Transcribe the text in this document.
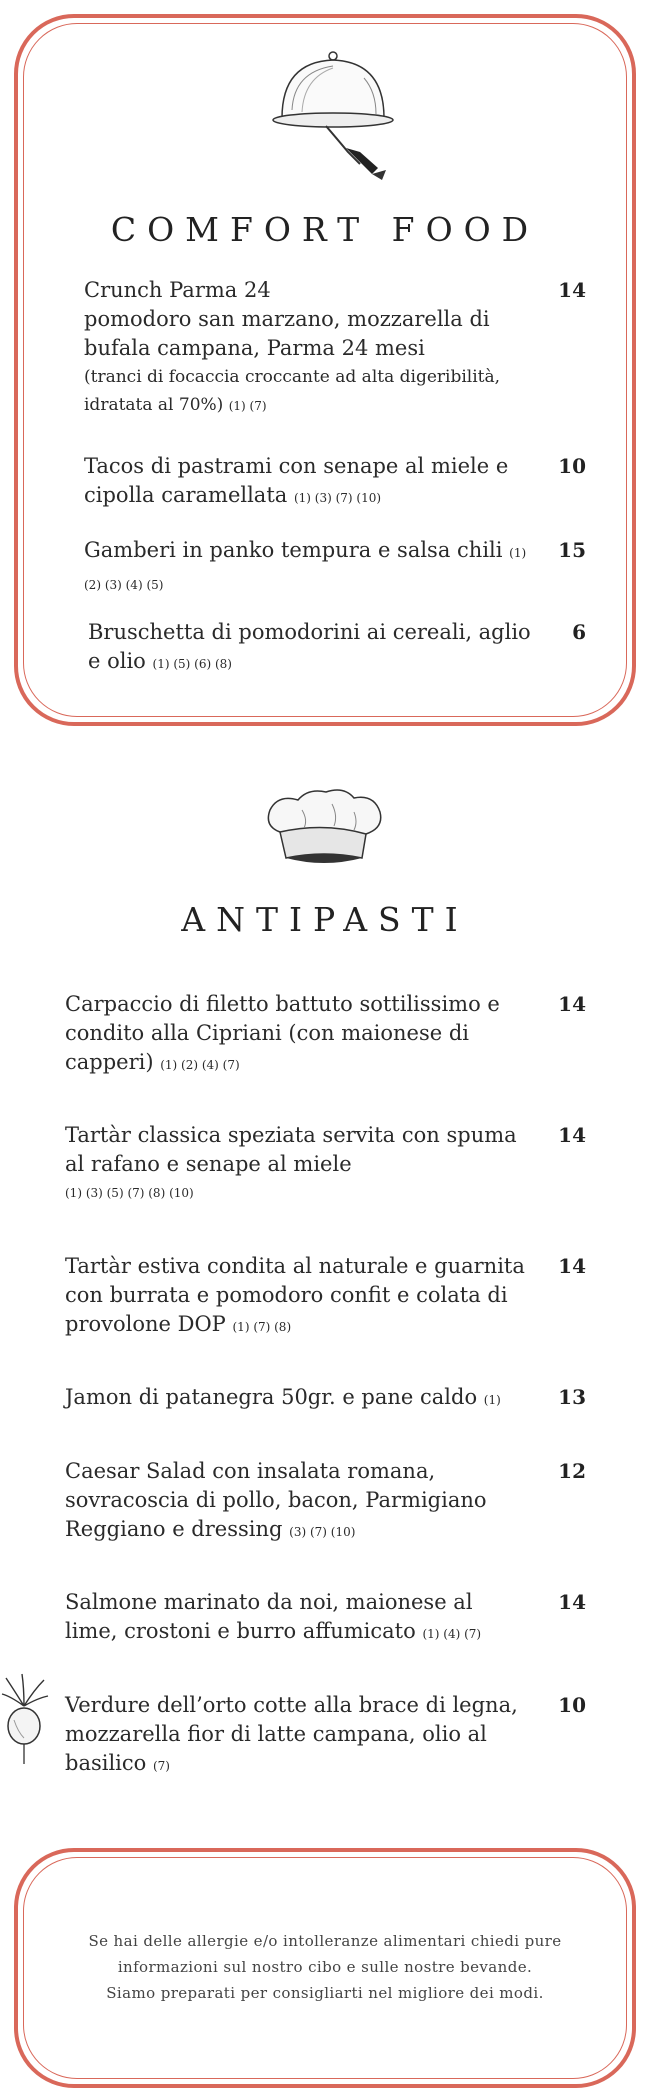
COMFORT FOOD
Crunch Parma 24
pomodoro san marzano, mozzarella di bufala campana, Parma 24 mesi
(tranci di focaccia croccante ad alta digeribilità, idratata al 70%) (1) (7)
14
Tacos di pastrami con senape al miele e cipolla caramellata (1) (3) (7) (10)
10
Gamberi in panko tempura e salsa chili (1) (2) (3) (4) (5)
15
Bruschetta di pomodorini ai cereali, aglio e olio (1) (5) (6) (8)
6
ANTIPASTI
Carpaccio di filetto battuto sottilissimo e condito alla Cipriani (con maionese di capperi) (1) (2) (4) (7)
14
Tartàr classica speziata servita con spuma al rafano e senape al miele
(1) (3) (5) (7) (8) (10)
14
Tartàr estiva condita al naturale e guarnita con burrata e pomodoro confit e colata di provolone DOP (1) (7) (8)
14
Jamon di patanegra 50gr. e pane caldo (1)	13
Caesar Salad con insalata romana, sovracoscia di pollo, bacon, Parmigiano Reggiano e dressing (3) (7) (10)
12
Salmone marinato da noi, maionese al lime, crostoni e burro affumicato (1) (4) (7)
14
Verdure dell’orto cotte alla brace di legna, mozzarella fior di latte campana, olio al basilico (7)
10
Se hai delle allergie e/o intolleranze alimentari chiedi pure
informazioni sul nostro cibo e sulle nostre bevande.
Siamo preparati per consigliarti nel migliore dei modi.
